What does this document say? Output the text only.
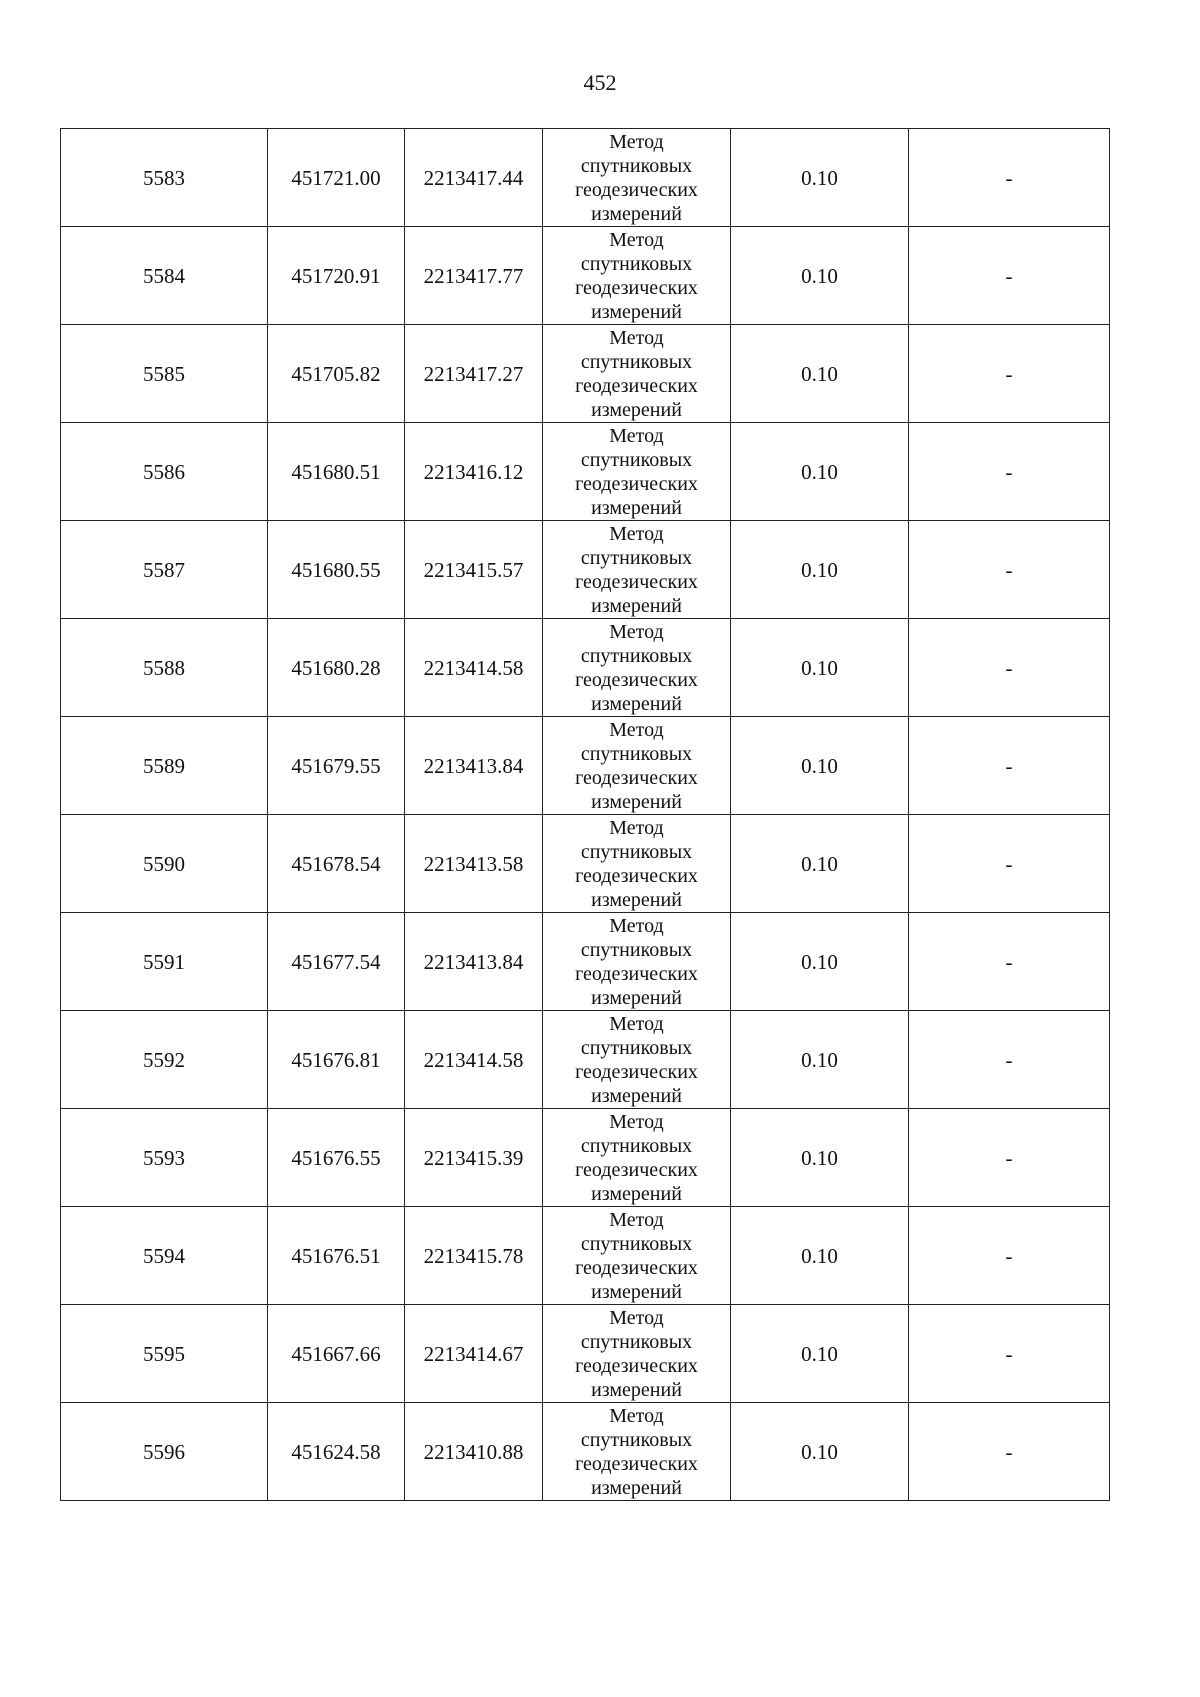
452
5583	451721.00	2213417.44	Метод
спутниковых
геодезических
измерений	0.10	-
5584	451720.91	2213417.77	Метод
спутниковых
геодезических
измерений	0.10	-
5585	451705.82	2213417.27	Метод
спутниковых
геодезических
измерений	0.10	-
5586	451680.51	2213416.12	Метод
спутниковых
геодезических
измерений	0.10	-
5587	451680.55	2213415.57	Метод
спутниковых
геодезических
измерений	0.10	-
5588	451680.28	2213414.58	Метод
спутниковых
геодезических
измерений	0.10	-
5589	451679.55	2213413.84	Метод
спутниковых
геодезических
измерений	0.10	-
5590	451678.54	2213413.58	Метод
спутниковых
геодезических
измерений	0.10	-
5591	451677.54	2213413.84	Метод
спутниковых
геодезических
измерений	0.10	-
5592	451676.81	2213414.58	Метод
спутниковых
геодезических
измерений	0.10	-
5593	451676.55	2213415.39	Метод
спутниковых
геодезических
измерений	0.10	-
5594	451676.51	2213415.78	Метод
спутниковых
геодезических
измерений	0.10	-
5595	451667.66	2213414.67	Метод
спутниковых
геодезических
измерений	0.10	-
5596	451624.58	2213410.88	Метод
спутниковых
геодезических
измерений	0.10	-
